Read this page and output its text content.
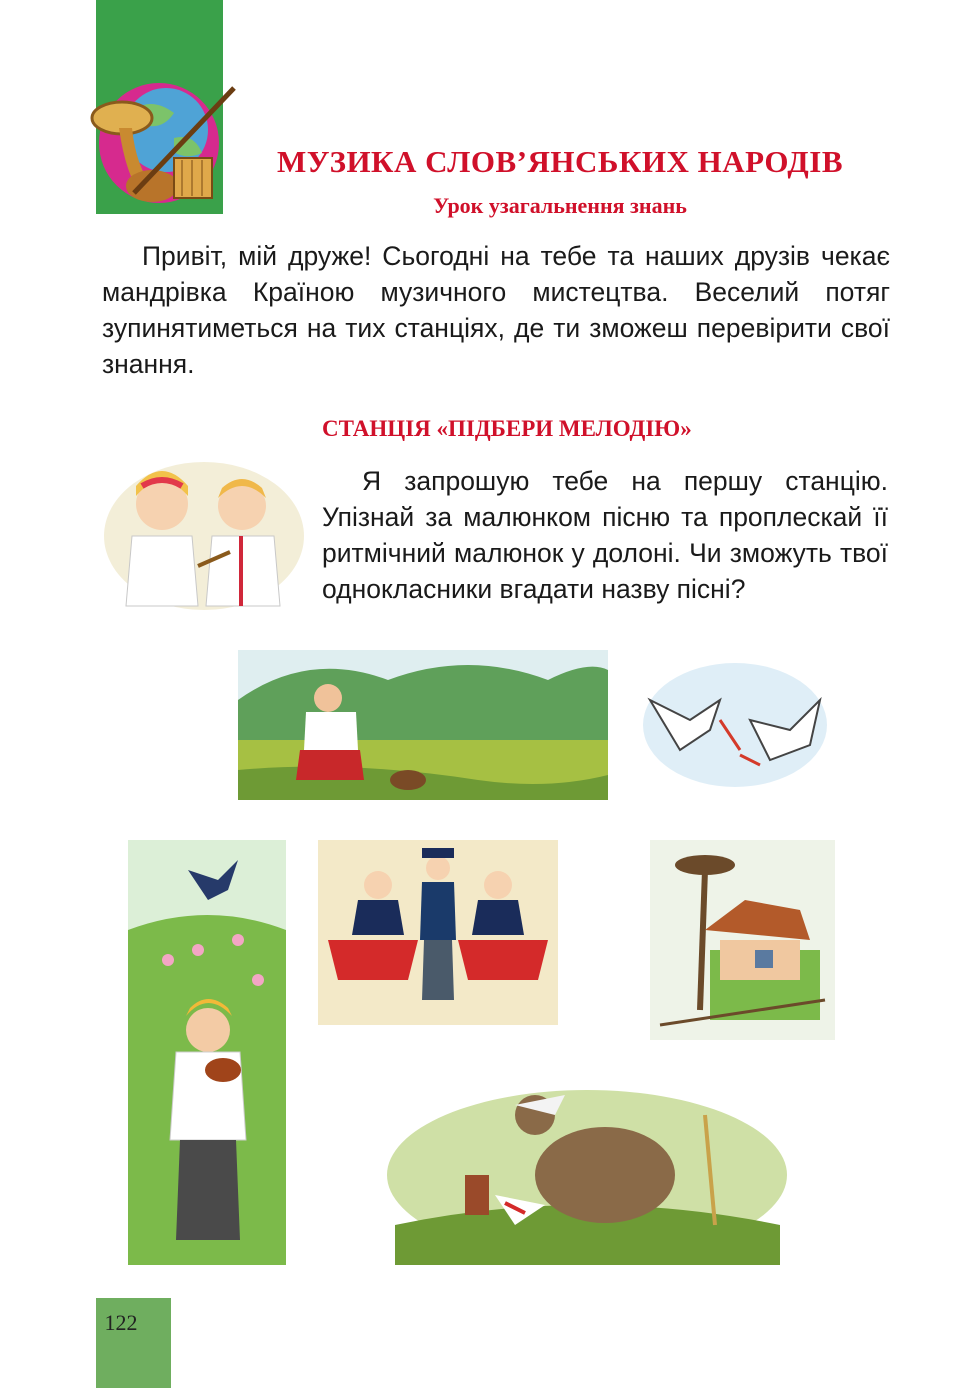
МУЗИКА СЛОВ’ЯНСЬКИХ НАРОДІВ
Урок узагальнення знань
Привіт, мій друже! Сьогодні на тебе та наших друзів чекає мандрівка Країною музичного мистецтва. Веселий потяг зупинятиметься на тих станціях, де ти зможеш перевірити свої знання.
СТАНЦІЯ «ПІДБЕРИ МЕЛОДІЮ»
Я запрошую тебе на першу станцію. Упізнай за малюнком пісню та проплескай її ритмічний малюнок у долоні. Чи зможуть твої однокласники вгадати назву пісні?
122
